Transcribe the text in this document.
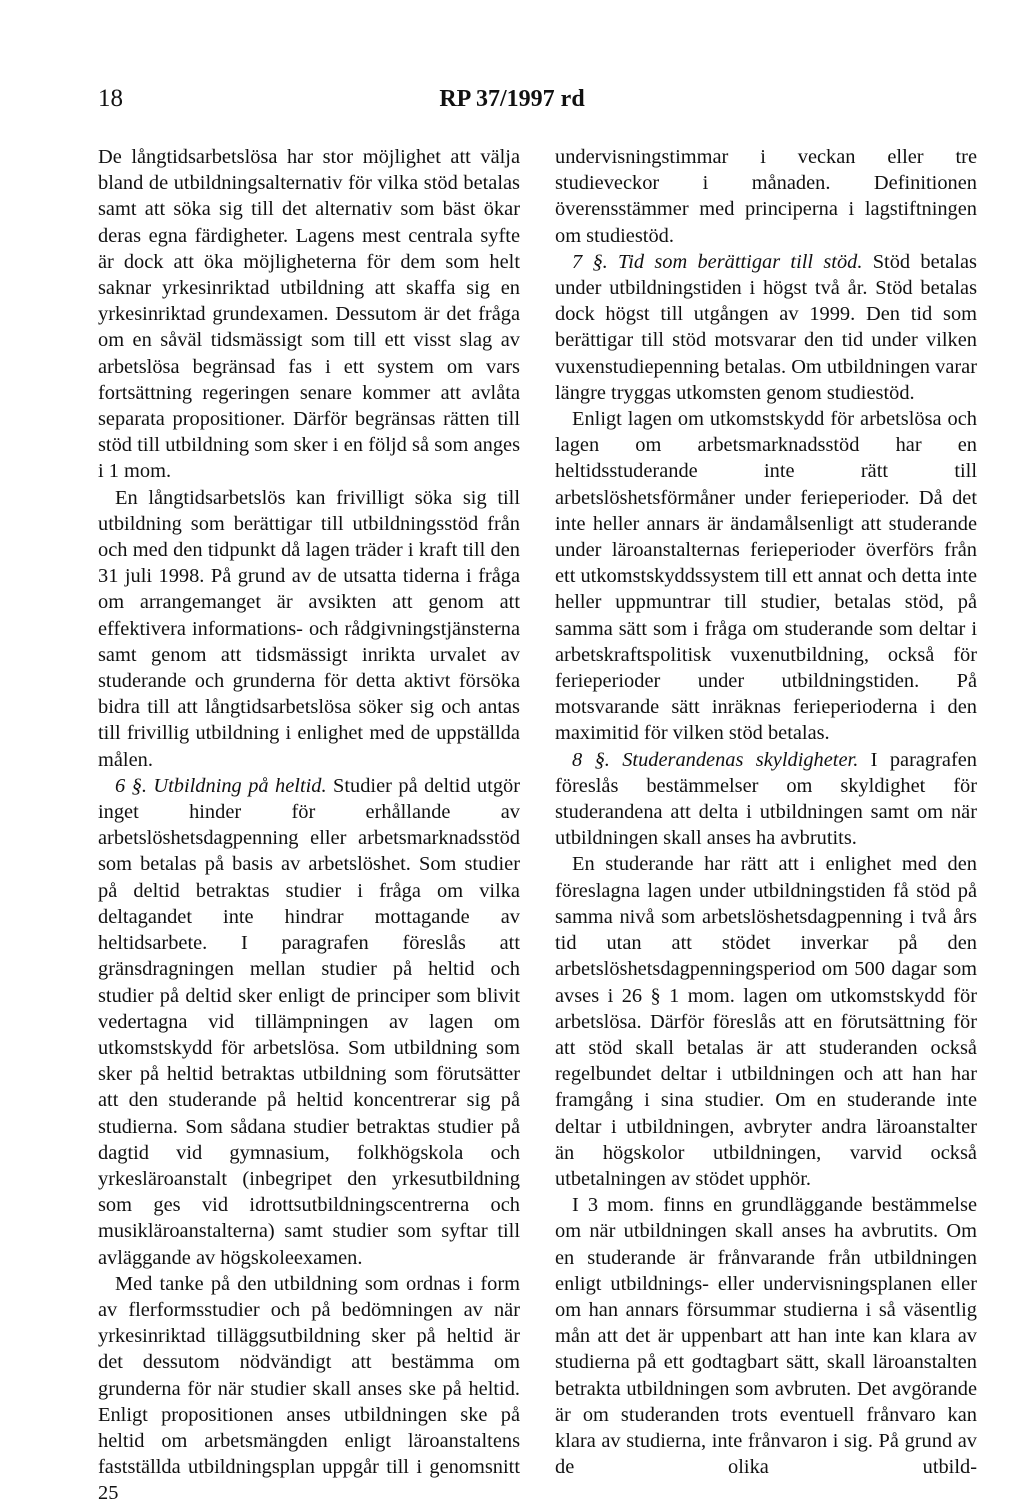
18	RP 37/1997 rd

De långtidsarbetslösa har stor möjlighet att välja bland de utbildningsalternativ för vilka stöd betalas samt att söka sig till det alternativ som bäst ökar deras egna färdigheter. Lagens mest centrala syfte är dock att öka möjligheterna för dem som helt saknar yrkesinriktad utbildning att skaffa sig en yrkesinriktad grundexamen. Dessutom är det fråga om en såväl tidsmässigt som till ett visst slag av arbetslösa begränsad fas i ett system om vars fortsättning regeringen senare kommer att avlåta separata propositioner. Därför begränsas rätten till stöd till utbildning som sker i en följd så som anges i 1 mom.

En långtidsarbetslös kan frivilligt söka sig till utbildning som berättigar till utbildningsstöd från och med den tidpunkt då lagen träder i kraft till den 31 juli 1998. På grund av de utsatta tiderna i fråga om arrangemanget är avsikten att genom att effektivera informations- och rådgivningstjänsterna samt genom att tidsmässigt inrikta urvalet av studerande och grunderna för detta aktivt försöka bidra till att långtidsarbetslösa söker sig och antas till frivillig utbildning i enlighet med de uppställda målen.

6 §. Utbildning på heltid. Studier på deltid utgör inget hinder för erhållande av arbetslöshetsdagpenning eller arbetsmarknadsstöd som betalas på basis av arbetslöshet. Som studier på deltid betraktas studier i fråga om vilka deltagandet inte hindrar mottagande av heltidsarbete. I paragrafen föreslås att gränsdragningen mellan studier på heltid och studier på deltid sker enligt de principer som blivit vedertagna vid tillämpningen av lagen om utkomstskydd för arbetslösa. Som utbildning som sker på heltid betraktas utbildning som förutsätter att den studerande på heltid koncentrerar sig på studierna. Som sådana studier betraktas studier på dagtid vid gymnasium, folkhögskola och yrkesläroanstalt (inbegripet den yrkesutbildning som ges vid idrottsutbildningscentrerna och musikläroanstalterna) samt studier som syftar till avläggande av högskoleexamen.

Med tanke på den utbildning som ordnas i form av flerformsstudier och på bedömningen av när yrkesinriktad tilläggsutbildning sker på heltid är det dessutom nödvändigt att bestämma om grunderna för när studier skall anses ske på heltid. Enligt propositionen anses utbildningen ske på heltid om arbetsmängden enligt läroanstaltens fastställda utbildningsplan uppgår till i genomsnitt 25

undervisningstimmar i veckan eller tre studieveckor i månaden. Definitionen överensstämmer med principerna i lagstiftningen om studiestöd.

7 §. Tid som berättigar till stöd. Stöd betalas under utbildningstiden i högst två år. Stöd betalas dock högst till utgången av 1999. Den tid som berättigar till stöd motsvarar den tid under vilken vuxenstudiepenning betalas. Om utbildningen varar längre tryggas utkomsten genom studiestöd.

Enligt lagen om utkomstskydd för arbetslösa och lagen om arbetsmarknadsstöd har en heltidsstuderande inte rätt till arbetslöshetsförmåner under ferieperioder. Då det inte heller annars är ändamålsenligt att studerande under läroanstalternas ferieperioder överförs från ett utkomstskyddssystem till ett annat och detta inte heller uppmuntrar till studier, betalas stöd, på samma sätt som i fråga om studerande som deltar i arbetskraftspolitisk vuxenutbildning, också för ferieperioder under utbildningstiden. På motsvarande sätt inräknas ferieperioderna i den maximitid för vilken stöd betalas.

8 §. Studerandenas skyldigheter. I paragrafen föreslås bestämmelser om skyldighet för studerandena att delta i utbildningen samt om när utbildningen skall anses ha avbrutits.

En studerande har rätt att i enlighet med den föreslagna lagen under utbildningstiden få stöd på samma nivå som arbetslöshetsdagpenning i två års tid utan att stödet inverkar på den arbetslöshetsdagpenningsperiod om 500 dagar som avses i 26 § 1 mom. lagen om utkomstskydd för arbetslösa. Därför föreslås att en förutsättning för att stöd skall betalas är att studeranden också regelbundet deltar i utbildningen och att han har framgång i sina studier. Om en studerande inte deltar i utbildningen, avbryter andra läroanstalter än högskolor utbildningen, varvid också utbetalningen av stödet upphör.

I 3 mom. finns en grundläggande bestämmelse om när utbildningen skall anses ha avbrutits. Om en studerande är frånvarande från utbildningen enligt utbildnings- eller undervisningsplanen eller om han annars försummar studierna i så väsentlig mån att det är uppenbart att han inte kan klara av studierna på ett godtagbart sätt, skall läroanstalten betrakta utbildningen som avbruten. Det avgörande är om studeranden trots eventuell frånvaro kan klara av studierna, inte frånvaron i sig. På grund av de olika utbild-
